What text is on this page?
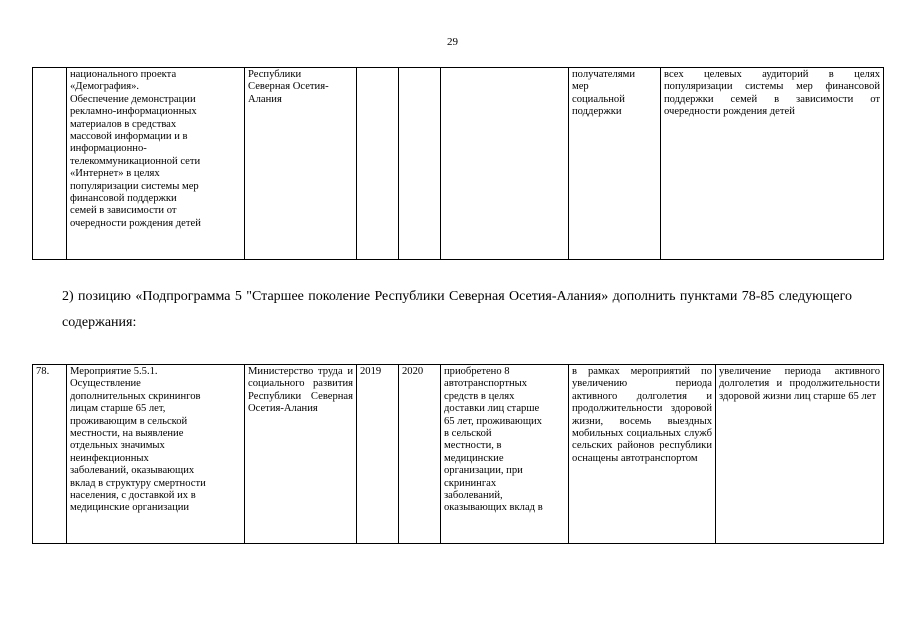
29
	национального проекта
«Демография».
Обеспечение демонстрации
рекламно-информационных
материалов в средствах
массовой информации и в
информационно-
телекоммуникационной сети
«Интернет» в целях
популяризации системы мер
финансовой поддержки
семей в зависимости от
очередности рождения детей	Республики
Северная Осетия-
Алания				получателями
мер
социальной
поддержки	всех целевых аудиторий в целях популяризации системы мер финансовой поддержки семей в зависимости от очередности рождения детей
2) позицию «Подпрограмма 5 "Старшее поколение Республики Северная Осетия-Алания» дополнить пунктами 78-85 следующего содержания:
78.	Мероприятие 5.5.1.
Осуществление
дополнительных скринингов
лицам старше 65 лет,
проживающим в сельской
местности, на выявление
отдельных значимых
неинфекционных
заболеваний, оказывающих
вклад в структуру смертности
населения, с доставкой их в
медицинские организации	Министерство труда и социального развития Республики Северная Осетия-Алания	2019	2020	приобретено 8
автотранспортных
средств в целях
доставки лиц старше
65 лет, проживающих
в сельской
местности, в
медицинские
организации, при
скринингах
заболеваний,
оказывающих вклад в	в рамках мероприятий по увеличению периода активного долголетия и продолжительности здоровой жизни, восемь выездных мобильных социальных служб сельских районов республики оснащены автотранспортом	увеличение периода активного долголетия и продолжительности здоровой жизни лиц старше 65 лет
